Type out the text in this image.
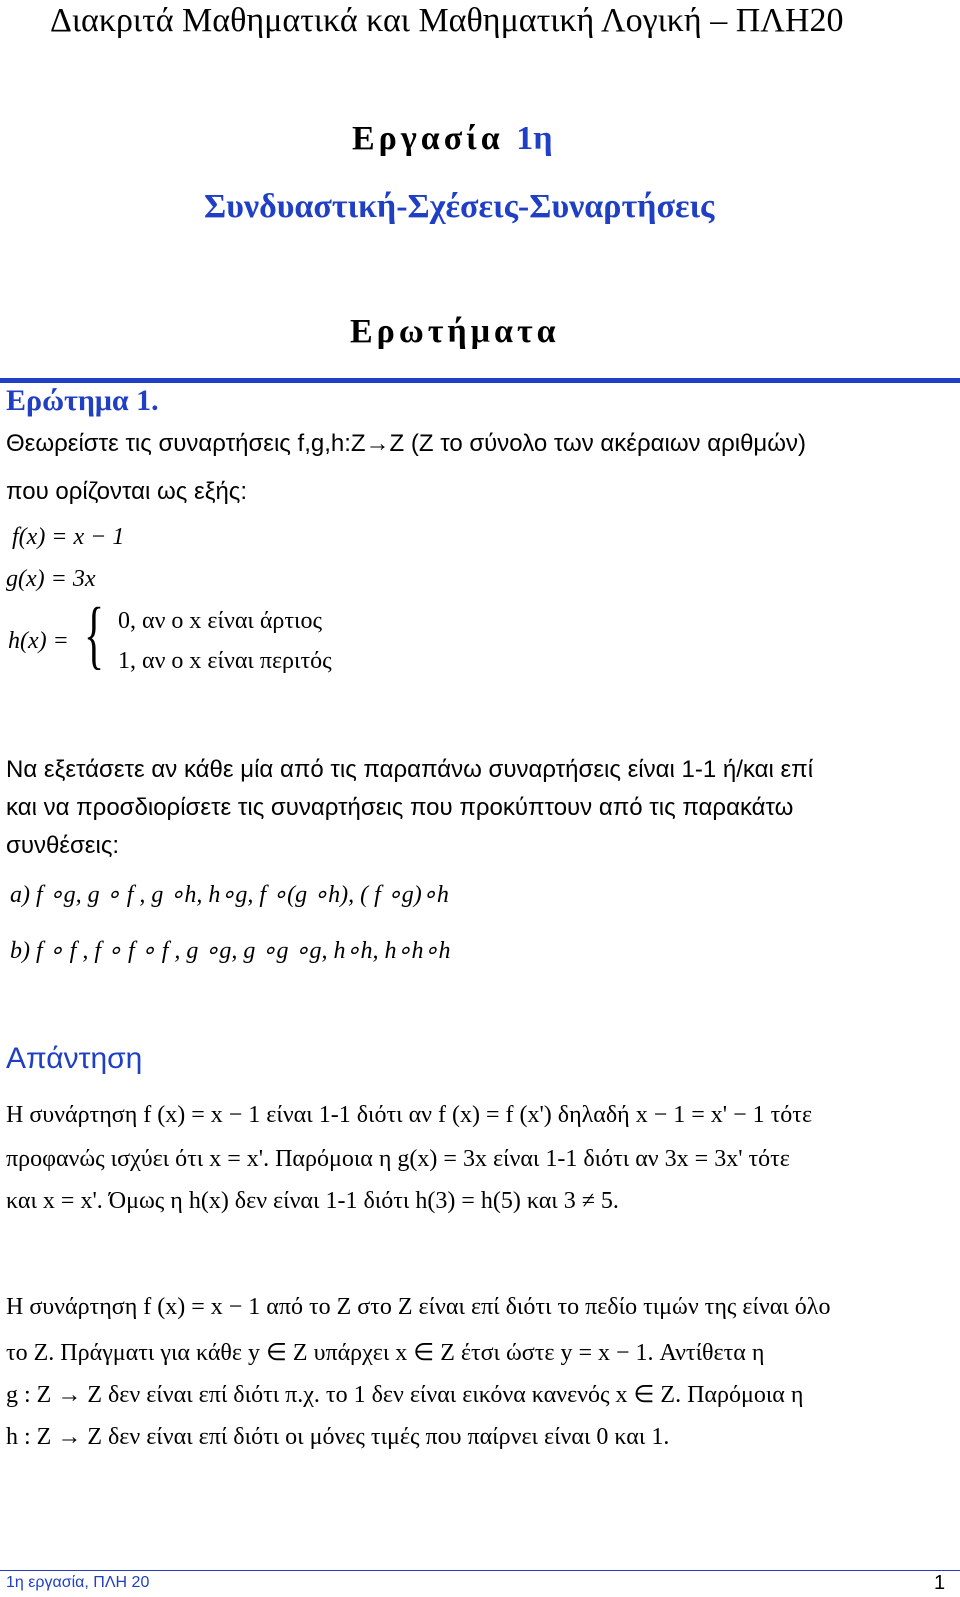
Διακριτά Μαθηματικά και Μαθηματική Λογική – ΠΛΗ20
Εργασία 1η
Συνδυαστική-Σχέσεις-Συναρτήσεις
Ερωτήματα
Ερώτημα 1.
Θεωρείστε τις συναρτήσεις f,g,h:Z→Z (Z το σύνολο των ακέραιων αριθμών)
που ορίζονται ως εξής:
f(x) = x − 1
g(x) = 3x
h(x) = { 0, αν ο x είναι άρτιος
1, αν ο x είναι περιτός
Να εξετάσετε αν κάθε μία από τις παραπάνω συναρτήσεις είναι 1-1 ή/και επί
και να προσδιορίσετε τις συναρτήσεις που προκύπτουν από τις παρακάτω
συνθέσεις:
a) f ∘g, g ∘ f , g ∘h, h∘g, f ∘(g ∘h), ( f ∘g)∘h
b) f ∘ f , f ∘ f ∘ f , g ∘g, g ∘g ∘g, h∘h, h∘h∘h
Απάντηση
Η συνάρτηση f (x) = x − 1 είναι 1-1 διότι αν f (x) = f (x') δηλαδή x − 1 = x' − 1 τότε
προφανώς ισχύει ότι x = x'. Παρόμοια η g(x) = 3x είναι 1-1 διότι αν 3x = 3x' τότε
και x = x'. Όμως η h(x) δεν είναι 1-1 διότι h(3) = h(5) και 3 ≠ 5.
Η συνάρτηση f (x) = x − 1 από το Z στο Z είναι επί διότι το πεδίο τιμών της είναι όλο
το Z. Πράγματι για κάθε y ∈ Z υπάρχει x ∈ Z έτσι ώστε y = x − 1. Αντίθετα η
g : Z → Z δεν είναι επί διότι π.χ. το 1 δεν είναι εικόνα κανενός x ∈ Z. Παρόμοια η
h : Z → Z δεν είναι επί διότι οι μόνες τιμές που παίρνει είναι 0 και 1.
1η εργασία, ΠΛΗ 20	1
